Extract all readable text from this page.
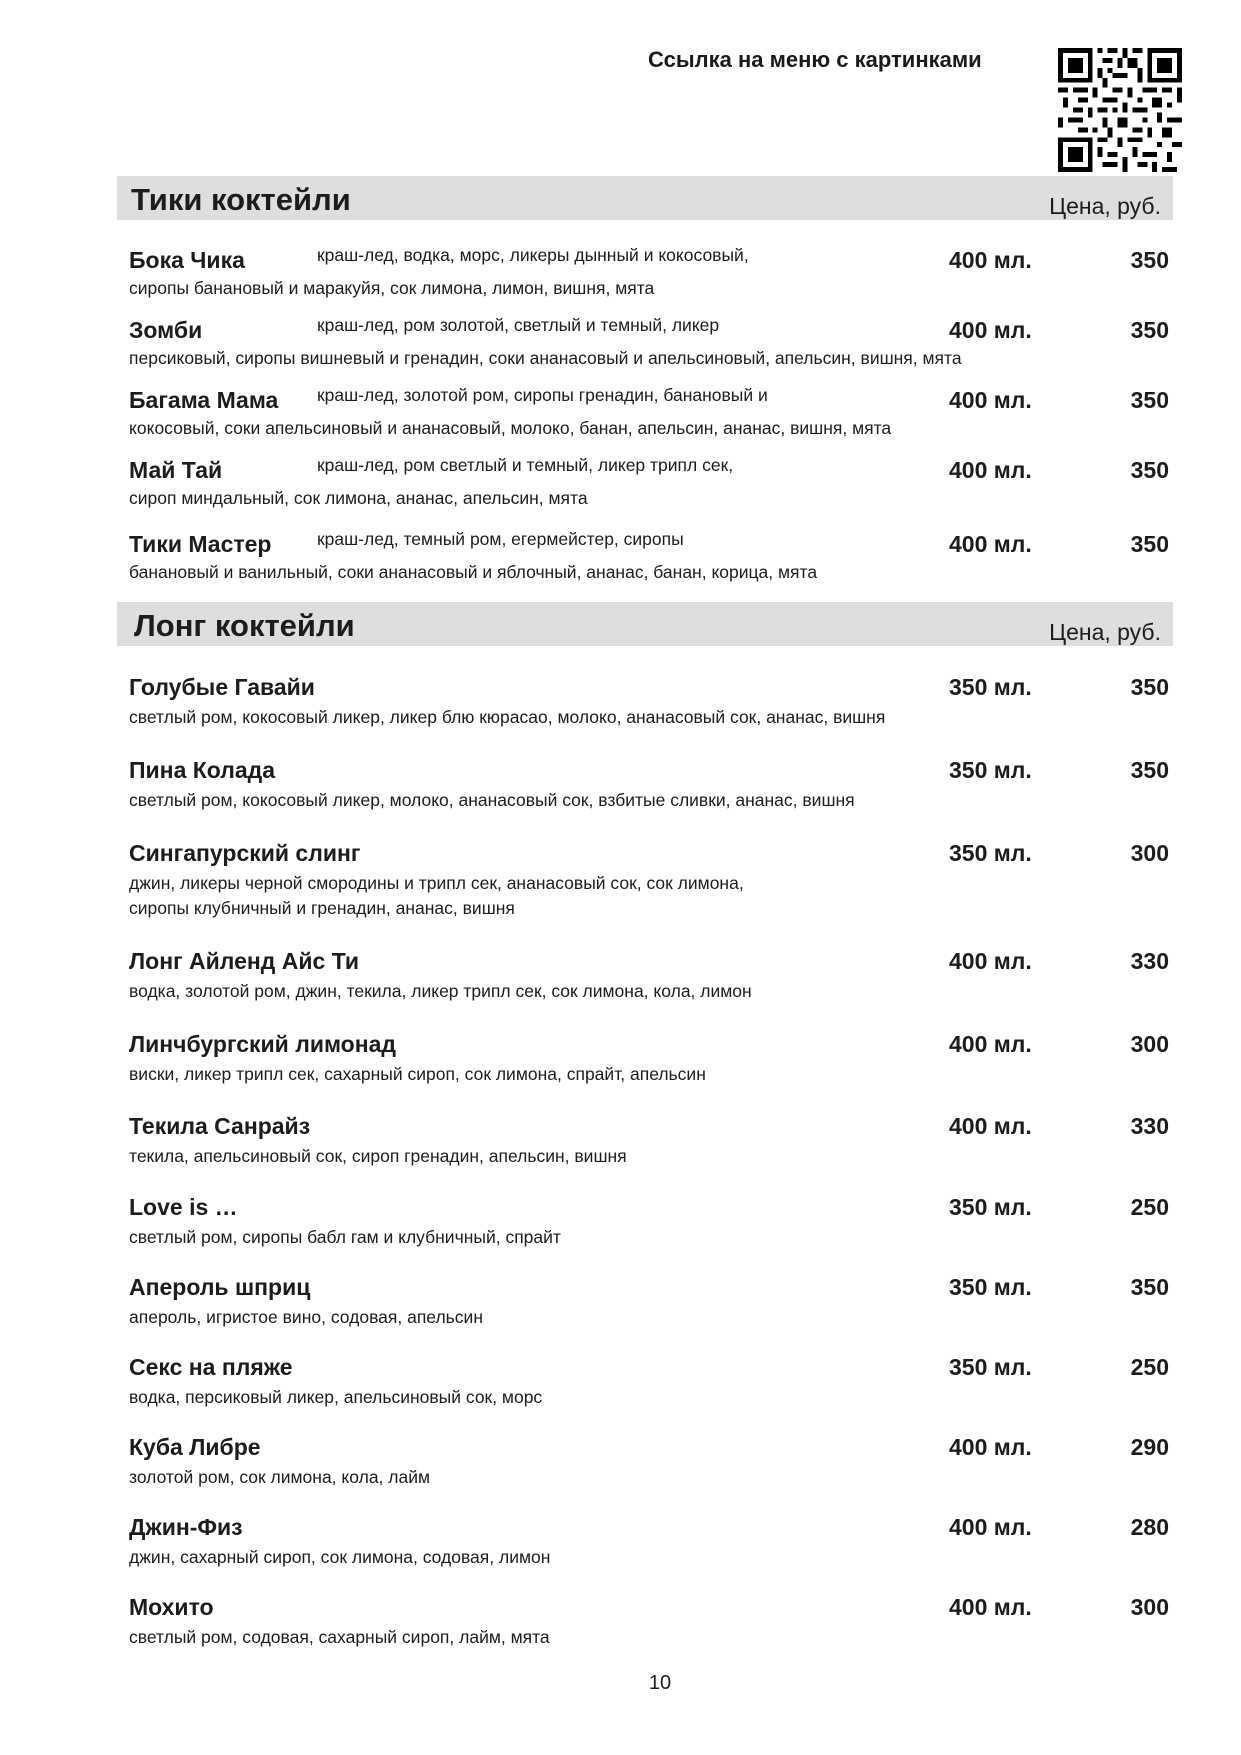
Ссылка на меню с картинками
Тики коктейли	Цена, руб.
Бока Чика	краш-лед, водка, морс, ликеры дынный и кокосовый,
сиропы банановый и маракуйя, сок лимона, лимон, вишня, мята
400 мл.	350
Зомби	краш-лед, ром золотой, светлый и темный, ликер
персиковый, сиропы вишневый и гренадин, соки ананасовый и апельсиновый, апельсин, вишня, мята
400 мл.	350
Багама Мама краш-лед, золотой ром, сиропы гренадин, банановый и
кокосовый, соки апельсиновый и ананасовый, молоко, банан, апельсин, ананас, вишня, мята
400 мл.	350
Май Тай	краш-лед, ром светлый и темный, ликер трипл сек,
сироп миндальный, сок лимона, ананас, апельсин, мята
400 мл.	350
Тики Мастер	краш-лед, темный ром, егермейстер, сиропы
банановый и ванильный, соки ананасовый и яблочный, ананас, банан, корица, мята
400 мл.	350
Лонг коктейли	Цена, руб.
Голубые Гавайи
светлый ром, кокосовый ликер, ликер блю кюрасао, молоко, ананасовый сок, ананас, вишня
350 мл.	350
Пина Колада
светлый ром, кокосовый ликер, молоко, ананасовый сок, взбитые сливки, ананас, вишня
350 мл.	350
Сингапурский слинг
джин, ликеры черной смородины и трипл сек, ананасовый сок, сок лимона,
сиропы клубничный и гренадин, ананас, вишня
350 мл.	300
Лонг Айленд Айс Ти
водка, золотой ром, джин, текила, ликер трипл сек, сок лимона, кола, лимон
400 мл.	330
Линчбургский лимонад
виски, ликер трипл сек, сахарный сироп, сок лимона, спрайт, апельсин
400 мл.	300
Текила Санрайз
текила, апельсиновый сок, сироп гренадин, апельсин, вишня
400 мл.	330
Love is …
светлый ром, сиропы бабл гам и клубничный, спрайт
350 мл.	250
Апероль шприц
апероль, игристое вино, содовая, апельсин
350 мл.	350
Секс на пляже
водка, персиковый ликер, апельсиновый сок, морс
350 мл.	250
Куба Либре
золотой ром, сок лимона, кола, лайм
400 мл.	290
Джин-Физ
джин, сахарный сироп, сок лимона, содовая, лимон
400 мл.	280
Мохито
светлый ром, содовая, сахарный сироп, лайм, мята
400 мл.	300
10
